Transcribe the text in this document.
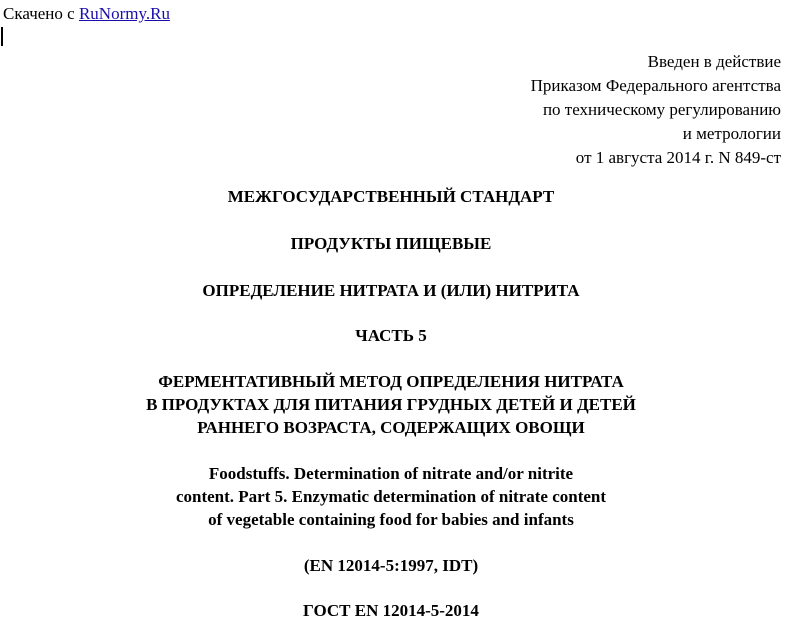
Скачено с RuNormy.Ru
Введен в действие
Приказом Федерального агентства
по техническому регулированию
и метрологии
от 1 августа 2014 г. N 849-ст
МЕЖГОСУДАРСТВЕННЫЙ СТАНДАРТ
ПРОДУКТЫ ПИЩЕВЫЕ
ОПРЕДЕЛЕНИЕ НИТРАТА И (ИЛИ) НИТРИТА
ЧАСТЬ 5
ФЕРМЕНТАТИВНЫЙ МЕТОД ОПРЕДЕЛЕНИЯ НИТРАТА
В ПРОДУКТАХ ДЛЯ ПИТАНИЯ ГРУДНЫХ ДЕТЕЙ И ДЕТЕЙ
РАННЕГО ВОЗРАСТА, СОДЕРЖАЩИХ ОВОЩИ
Foodstuffs. Determination of nitrate and/or nitrite
content. Part 5. Enzymatic determination of nitrate content
of vegetable containing food for babies and infants
(EN 12014-5:1997, IDT)
ГОСТ EN 12014-5-2014
